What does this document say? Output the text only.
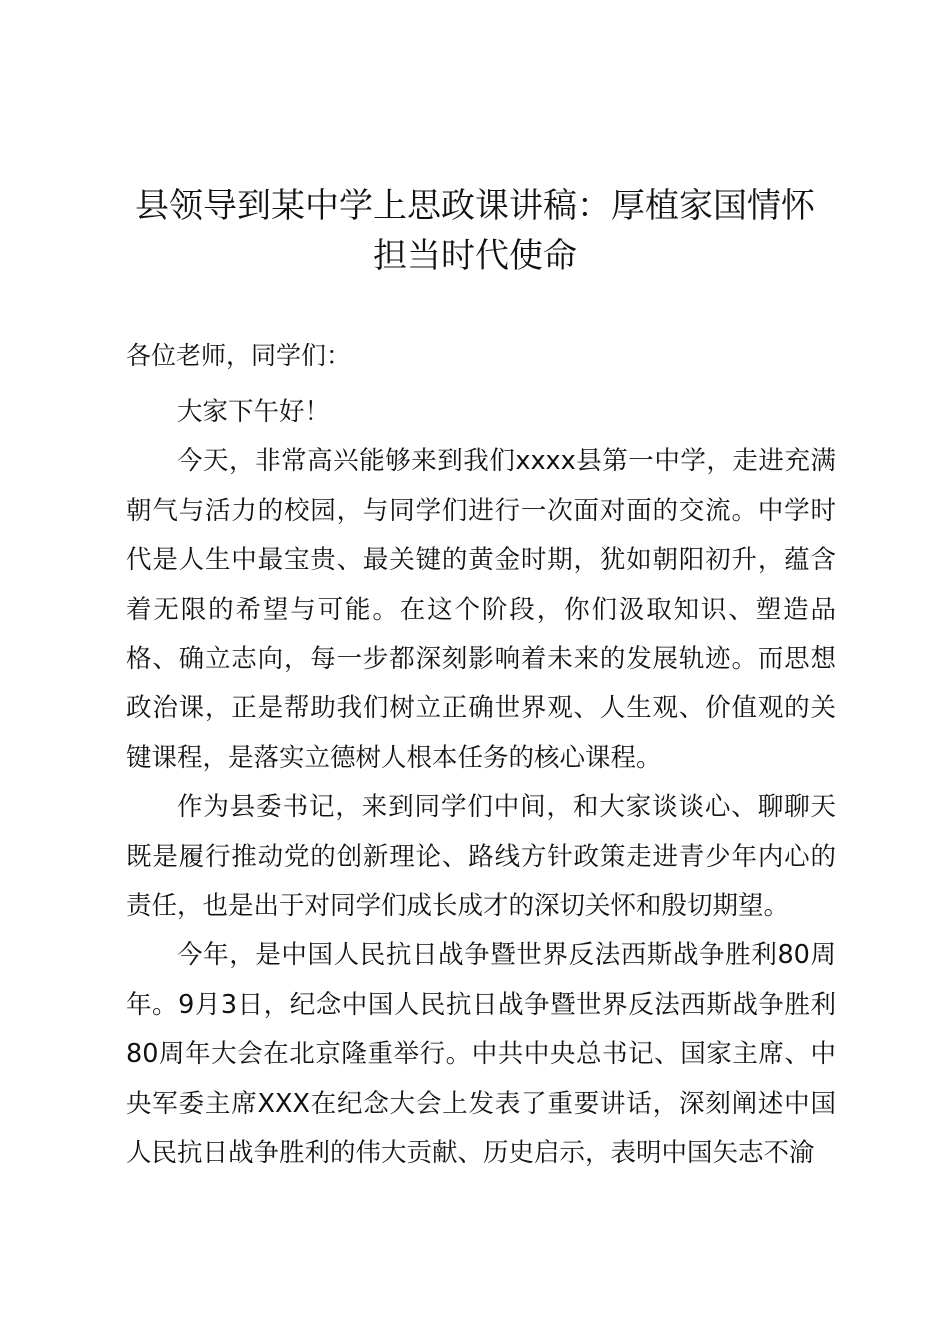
县领导到某中学上思政课讲稿：厚植家国情怀
担当时代使命
各位老师，同学们：

大家下午好！

今天，非常高兴能够来到我们xxxx县第一中学，走进充满朝气与活力的校园，与同学们进行一次面对面的交流。中学时代是人生中最宝贵、最关键的黄金时期，犹如朝阳初升，蕴含着无限的希望与可能。在这个阶段，你们汲取知识、塑造品格、确立志向，每一步都深刻影响着未来的发展轨迹。而思想政治课，正是帮助我们树立正确世界观、人生观、价值观的关键课程，是落实立德树人根本任务的核心课程。

作为县委书记，来到同学们中间，和大家谈谈心、聊聊天既是履行推动党的创新理论、路线方针政策走进青少年内心的责任，也是出于对同学们成长成才的深切关怀和殷切期望。

今年，是中国人民抗日战争暨世界反法西斯战争胜利80周年。9月3日，纪念中国人民抗日战争暨世界反法西斯战争胜利80周年大会在北京隆重举行。中共中央总书记、国家主席、中央军委主席XXX在纪念大会上发表了重要讲话，深刻阐述中国人民抗日战争胜利的伟大贡献、历史启示，表明中国矢志不渝
